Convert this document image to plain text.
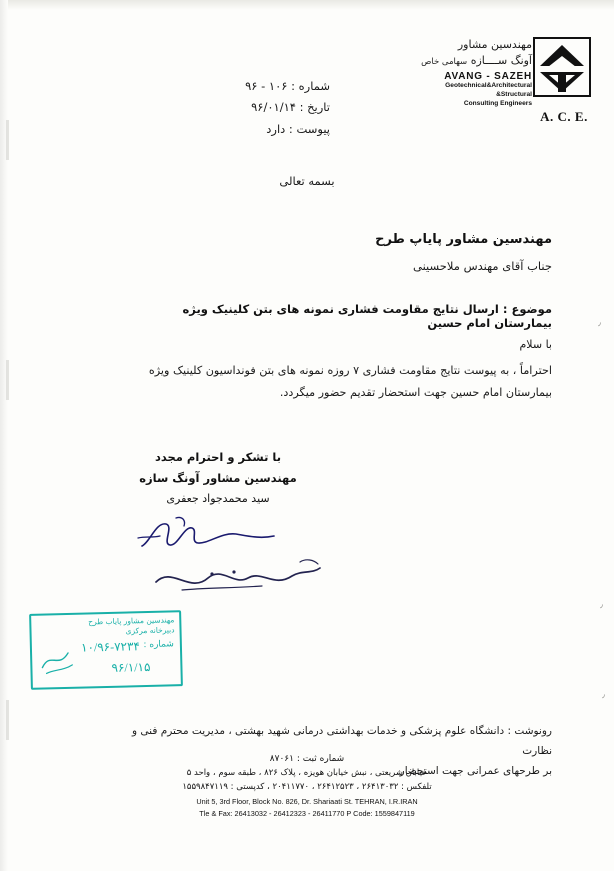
مهندسین مشاور
آونگ ســــازه سهامی خاص
AVANG - SAZEH
Geotechnical&Architectural
&Structural
Consulting Engineers
A. C. E.
شماره : ۱۰۶ - ۹۶
تاریخ : ۹۶/۰۱/۱۴
پیوست : دارد
بسمه تعالی
مهندسین مشاور پایاپ طرح
جناب آقای مهندس ملاحسینی
موضوع : ارسال نتایج مقاومت فشاری نمونه های بتن کلینیک ویژه بیمارستان امام حسین
با سلام
احتراماً ، به پیوست نتایج مقاومت فشاری ۷ روزه نمونه های بتن فونداسیون کلینیک ویژه
بیمارستان امام حسین جهت استحضار تقدیم حضور میگردد.
با تشکر و احترام مجدد
مهندسین مشاور آونگ سازه
سید محمدجواد جعفری
مهندسین مشاور پایاب طرح
دبیرخانه مرکزی
شماره :
۱۰/۹۶-۷۲۳۴
۹۶/۱/۱۵
رونوشت : دانشگاه علوم پزشکی و خدمات بهداشتی درمانی شهید بهشتی ، مدیریت محترم فنی و نظارت
بر طرحهای عمرانی جهت استحضار.
شماره ثبت : ۸۷۰۶۱
خیابان شریعتی ، نبش خیابان هویزه ، پلاک ۸۲۶ ، طبقه سوم ، واحد ۵
تلفکس : ۲۶۴۱۳۰۳۲ ، ۲۶۴۱۲۵۲۳ ، ۲۰۴۱۱۷۷۰ ، کدپستی : ۱۵۵۹۸۴۷۱۱۹
Unit 5, 3rd Floor, Block No. 826, Dr. Shariaati St. TEHRAN, I.R.IRAN
Tle & Fax: 26413032 - 26412323 - 26411770 P Code: 1559847119
٫
٫
٫
